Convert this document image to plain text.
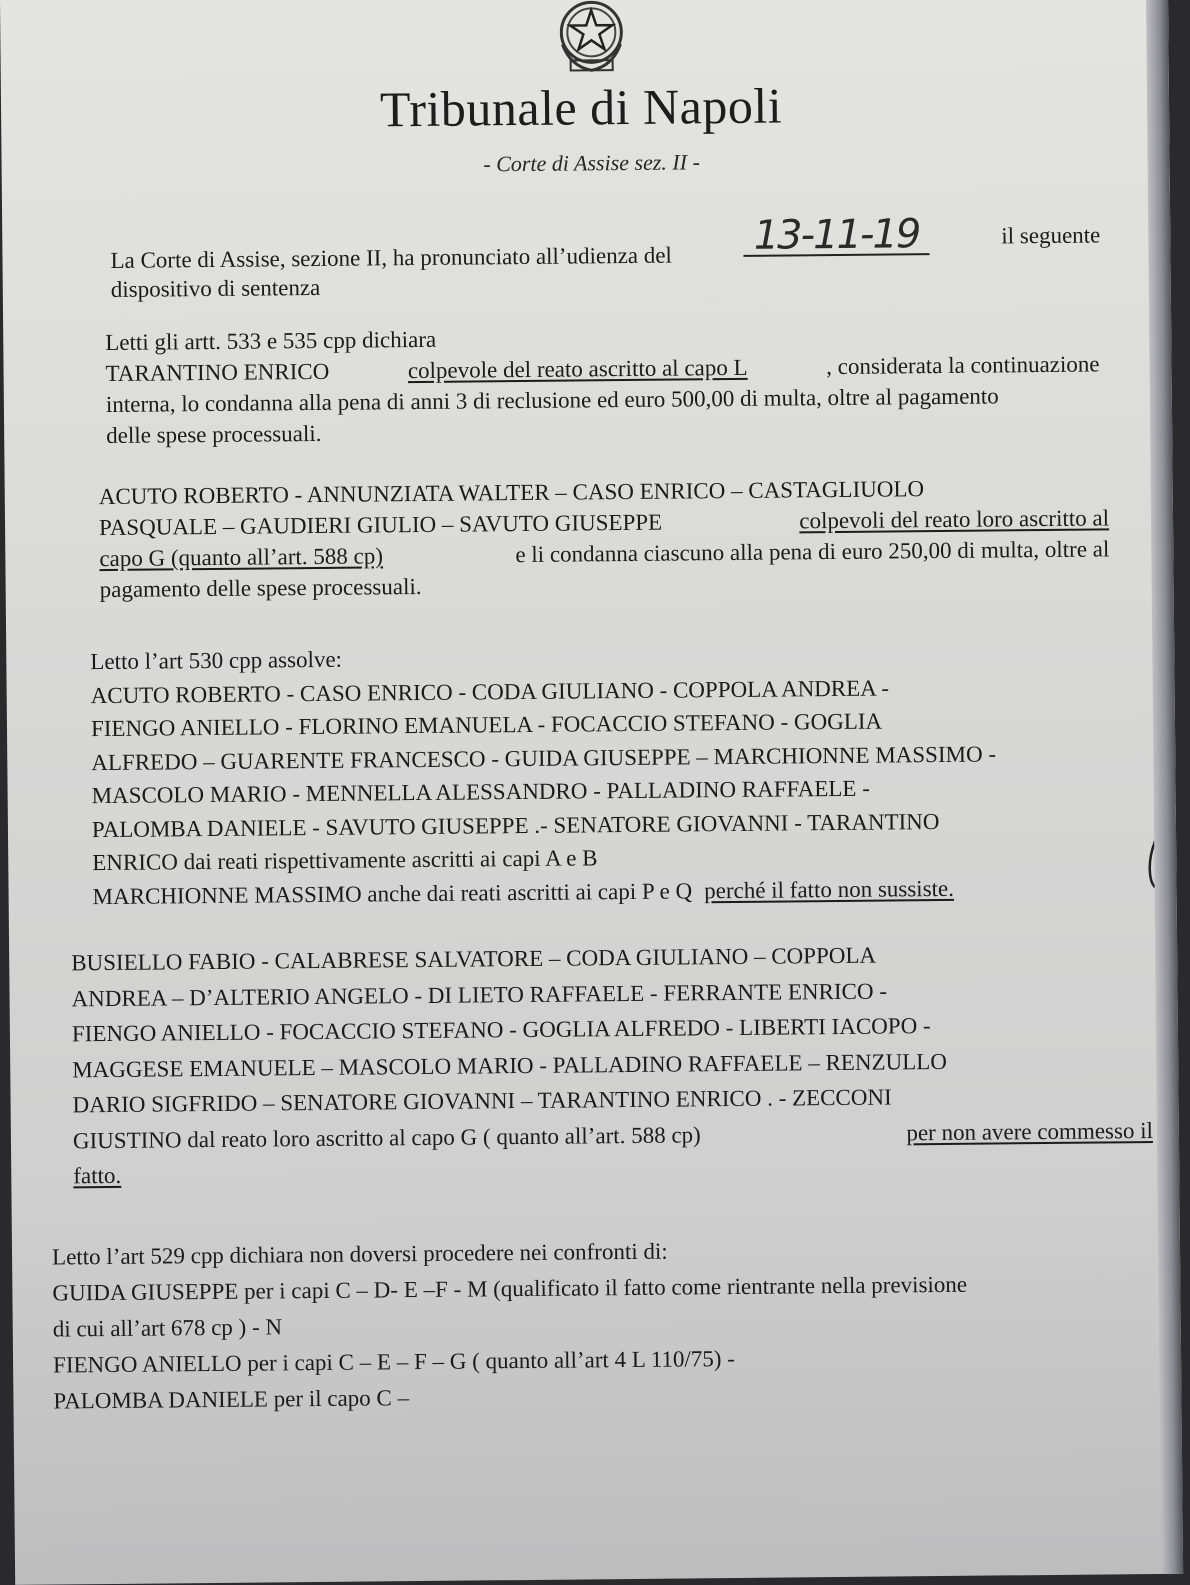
Tribunale di Napoli
- Corte di Assise sez. II -
La Corte di Assise, sezione II, ha pronunciato all’udienza del 13-11-19	il seguente
dispositivo di sentenza
Letti gli artt. 533 e 535 cpp dichiara
TARANTINO ENRICO	colpevole del reato ascritto al capo L	, considerata la continuazione
interna, lo condanna alla pena di anni 3 di reclusione ed euro 500,00 di multa, oltre al pagamento
delle spese processuali.
ACUTO ROBERTO - ANNUNZIATA WALTER – CASO ENRICO – CASTAGLIUOLO
PASQUALE – GAUDIERI GIULIO – SAVUTO GIUSEPPE	colpevoli del reato loro ascritto al
capo G (quanto all’art. 588 cp)	e li condanna ciascuno alla pena di euro 250,00 di multa, oltre al
pagamento delle spese processuali.
Letto l’art 530 cpp assolve:
ACUTO ROBERTO - CASO ENRICO - CODA GIULIANO - COPPOLA ANDREA -
FIENGO ANIELLO - FLORINO EMANUELA - FOCACCIO STEFANO - GOGLIA
ALFREDO – GUARENTE FRANCESCO - GUIDA GIUSEPPE – MARCHIONNE MASSIMO -
MASCOLO MARIO - MENNELLA ALESSANDRO - PALLADINO RAFFAELE -
PALOMBA DANIELE - SAVUTO GIUSEPPE .- SENATORE GIOVANNI - TARANTINO
ENRICO dai reati rispettivamente ascritti ai capi A e B
MARCHIONNE MASSIMO anche dai reati ascritti ai capi P e Q perché il fatto non sussiste.
BUSIELLO FABIO - CALABRESE SALVATORE – CODA GIULIANO – COPPOLA
ANDREA – D’ALTERIO ANGELO - DI LIETO RAFFAELE - FERRANTE ENRICO -
FIENGO ANIELLO - FOCACCIO STEFANO - GOGLIA ALFREDO - LIBERTI IACOPO -
MAGGESE EMANUELE – MASCOLO MARIO - PALLADINO RAFFAELE – RENZULLO
DARIO SIGFRIDO – SENATORE GIOVANNI – TARANTINO ENRICO . - ZECCONI
GIUSTINO dal reato loro ascritto al capo G ( quanto all’art. 588 cp)	per non avere commesso il
fatto.
Letto l’art 529 cpp dichiara non doversi procedere nei confronti di:
GUIDA GIUSEPPE per i capi C – D- E –F - M (qualificato il fatto come rientrante nella previsione
di cui all’art 678 cp ) - N
FIENGO ANIELLO per i capi C – E – F – G ( quanto all’art 4 L 110/75) -
PALOMBA DANIELE per il capo C –
